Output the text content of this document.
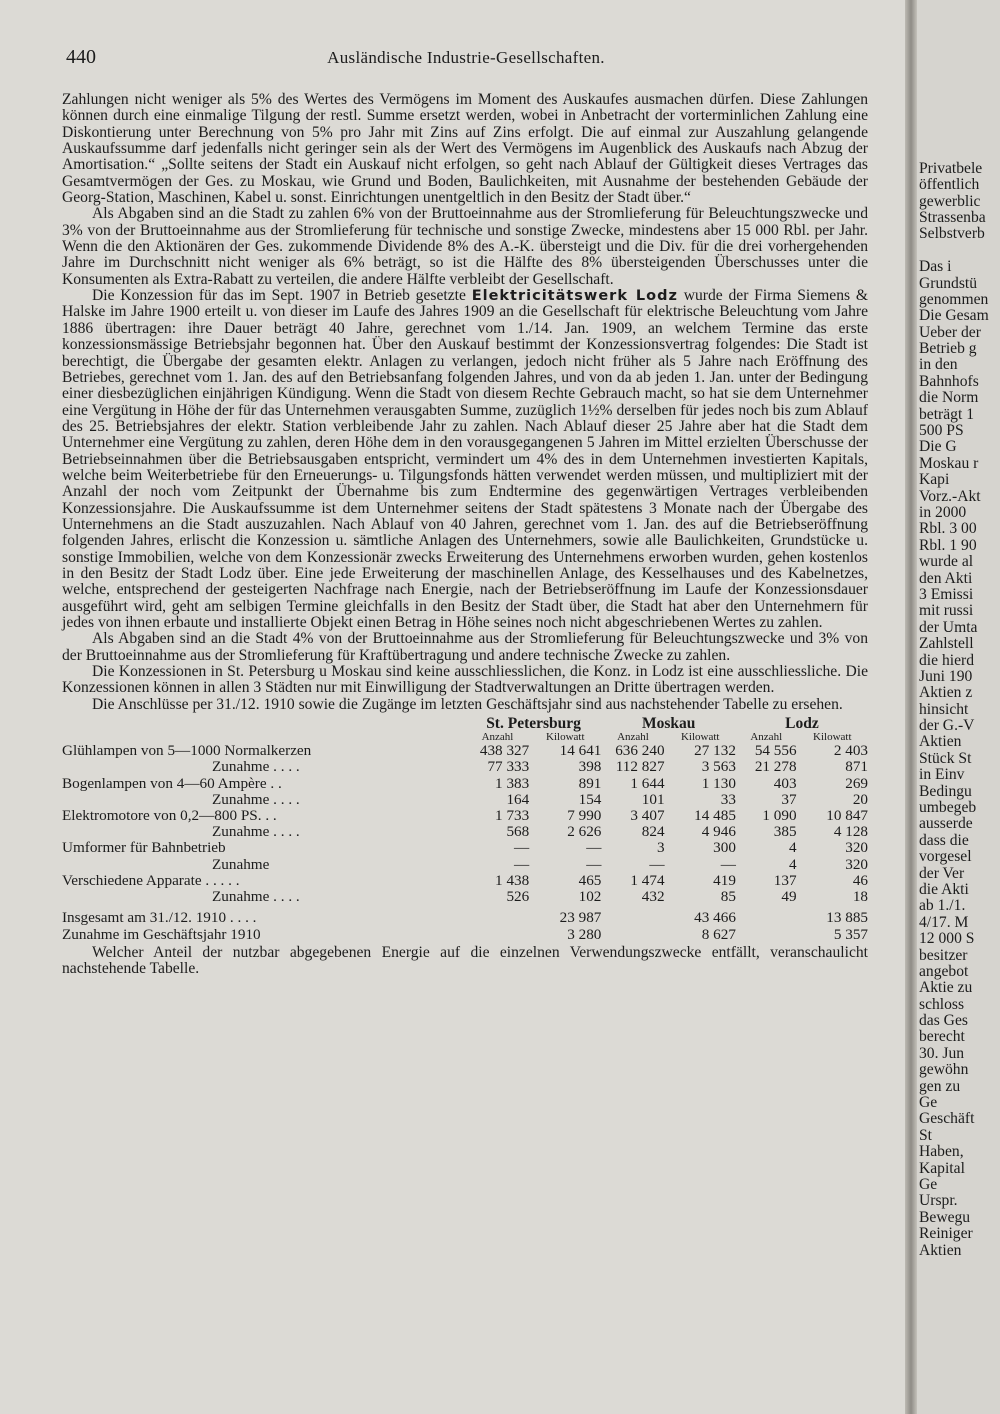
440	Ausländische Industrie-Gesellschaften.

Zahlungen nicht weniger als 5% des Wertes des Vermögens im Moment des Auskaufes ausmachen dürfen. Diese Zahlungen können durch eine einmalige Tilgung der restl. Summe ersetzt werden, wobei in Anbetracht der vorterminlichen Zahlung eine Diskontierung unter Berechnung von 5% pro Jahr mit Zins auf Zins erfolgt. Die auf einmal zur Auszahlung gelangende Auskaufssumme darf jedenfalls nicht geringer sein als der Wert des Vermögens im Augenblick des Auskaufs nach Abzug der Amortisation.“ „Sollte seitens der Stadt ein Auskauf nicht erfolgen, so geht nach Ablauf der Gültigkeit dieses Vertrages das Gesamtvermögen der Ges. zu Moskau, wie Grund und Boden, Baulichkeiten, mit Ausnahme der bestehenden Gebäude der Georg-Station, Maschinen, Kabel u. sonst. Einrichtungen unentgeltlich in den Besitz der Stadt über.“

Als Abgaben sind an die Stadt zu zahlen 6% von der Bruttoeinnahme aus der Stromlieferung für Beleuchtungszwecke und 3% von der Bruttoeinnahme aus der Stromlieferung für technische und sonstige Zwecke, mindestens aber 15 000 Rbl. per Jahr. Wenn die den Aktionären der Ges. zukommende Dividende 8% des A.-K. übersteigt und die Div. für die drei vorhergehenden Jahre im Durchschnitt nicht weniger als 6% beträgt, so ist die Hälfte des 8% übersteigenden Überschusses unter die Konsumenten als Extra-Rabatt zu verteilen, die andere Hälfte verbleibt der Gesellschaft.

Die Konzession für das im Sept. 1907 in Betrieb gesetzte Elektricitätswerk Lodz wurde der Firma Siemens & Halske im Jahre 1900 erteilt u. von dieser im Laufe des Jahres 1909 an die Gesellschaft für elektrische Beleuchtung vom Jahre 1886 übertragen: ihre Dauer beträgt 40 Jahre, gerechnet vom 1./14. Jan. 1909, an welchem Termine das erste konzessionsmässige Betriebsjahr begonnen hat. Über den Auskauf bestimmt der Konzessionsvertrag folgendes: Die Stadt ist berechtigt, die Übergabe der gesamten elektr. Anlagen zu verlangen, jedoch nicht früher als 5 Jahre nach Eröffnung des Betriebes, gerechnet vom 1. Jan. des auf den Betriebsanfang folgenden Jahres, und von da ab jeden 1. Jan. unter der Bedingung einer diesbezüglichen einjährigen Kündigung. Wenn die Stadt von diesem Rechte Gebrauch macht, so hat sie dem Unternehmer eine Vergütung in Höhe der für das Unternehmen verausgabten Summe, zuzüglich 1½% derselben für jedes noch bis zum Ablauf des 25. Betriebsjahres der elektr. Station verbleibende Jahr zu zahlen. Nach Ablauf dieser 25 Jahre aber hat die Stadt dem Unternehmer eine Vergütung zu zahlen, deren Höhe dem in den vorausgegangenen 5 Jahren im Mittel erzielten Überschusse der Betriebseinnahmen über die Betriebsausgaben entspricht, vermindert um 4% des in dem Unternehmen investierten Kapitals, welche beim Weiterbetriebe für den Erneuerungs- u. Tilgungsfonds hätten verwendet werden müssen, und multipliziert mit der Anzahl der noch vom Zeitpunkt der Übernahme bis zum Endtermine des gegenwärtigen Vertrages verbleibenden Konzessionsjahre. Die Auskaufssumme ist dem Unternehmer seitens der Stadt spätestens 3 Monate nach der Übergabe des Unternehmens an die Stadt auszuzahlen. Nach Ablauf von 40 Jahren, gerechnet vom 1. Jan. des auf die Betriebseröffnung folgenden Jahres, erlischt die Konzession u. sämtliche Anlagen des Unternehmers, sowie alle Baulichkeiten, Grundstücke u. sonstige Immobilien, welche von dem Konzessionär zwecks Erweiterung des Unternehmens erworben wurden, gehen kostenlos in den Besitz der Stadt Lodz über. Eine jede Erweiterung der maschinellen Anlage, des Kesselhauses und des Kabelnetzes, welche, entsprechend der gesteigerten Nachfrage nach Energie, nach der Betriebseröffnung im Laufe der Konzessionsdauer ausgeführt wird, geht am selbigen Termine gleichfalls in den Besitz der Stadt über, die Stadt hat aber den Unternehmern für jedes von ihnen erbaute und installierte Objekt einen Betrag in Höhe seines noch nicht abgeschriebenen Wertes zu zahlen.

Als Abgaben sind an die Stadt 4% von der Bruttoeinnahme aus der Stromlieferung für Beleuchtungszwecke und 3% von der Bruttoeinnahme aus der Stromlieferung für Kraftübertragung und andere technische Zwecke zu zahlen.

Die Konzessionen in St. Petersburg u Moskau sind keine ausschliesslichen, die Konz. in Lodz ist eine ausschliessliche. Die Konzessionen können in allen 3 Städten nur mit Einwilligung der Stadtverwaltungen an Dritte übertragen werden.

Die Anschlüsse per 31./12. 1910 sowie die Zugänge im letzten Geschäftsjahr sind aus nachstehender Tabelle zu ersehen.

	St. Petersburg		Moskau		Lodz	
	Anzahl	Kilowatt	Anzahl	Kilowatt	Anzahl	Kilowatt
Glühlampen von 5—1000 Normalkerzen	438 327	14 641	636 240	27 132	54 556	2 403
Zunahme . . . .	77 333	398	112 827	3 563	21 278	871
Bogenlampen von 4—60 Ampère . .	1 383	891	1 644	1 130	403	269
Zunahme . . . .	164	154	101	33	37	20
Elektromotore von 0,2—800 PS. . .	1 733	7 990	3 407	14 485	1 090	10 847
Zunahme . . . .	568	2 626	824	4 946	385	4 128
Umformer für Bahnbetrieb	—	—	3	300	4	320
Zunahme	—	—	—	—	4	320
Verschiedene Apparate . . . . .	1 438	465	1 474	419	137	46
Zunahme . . . .	526	102	432	85	49	18
Insgesamt am 31./12. 1910 . . . .		23 987		43 466		13 885
Zunahme im Geschäftsjahr 1910		3 280		8 627		5 357

Welcher Anteil der nutzbar abgegebenen Energie auf die einzelnen Verwendungszwecke entfällt, veranschaulicht nachstehende Tabelle.

Privatbele
öffentlich
gewerblic
Strassenba
Selbstverb
Das i
Grundstü
genommen
Die Gesam
Ueber der
Betrieb g
in den
Bahnhofs
die Norm
beträgt 1
500 PS
Die G
Moskau r
Kapi
Vorz.-Akt
in 2000
Rbl. 3 00
Rbl. 1 90
wurde al
den Akti
3 Emissi
mit russi
der Umta
Zahlstell
die hierd
Juni 190
Aktien z
hinsicht
der G.-V
Aktien
Stück St
in Einv
Bedingu
umbegeb
ausserde
dass die
vorgesel
der Ver
die Akti
ab 1./1.
4/17. M
12 000 S
besitzer
angebot
Aktie zu
schloss
das Ges
berecht
30. Jun
gewöhn
gen zu
Ge
Geschäft
St
Haben,
Kapital
Ge
Urspr.
Bewegu
Reiniger
Aktien
